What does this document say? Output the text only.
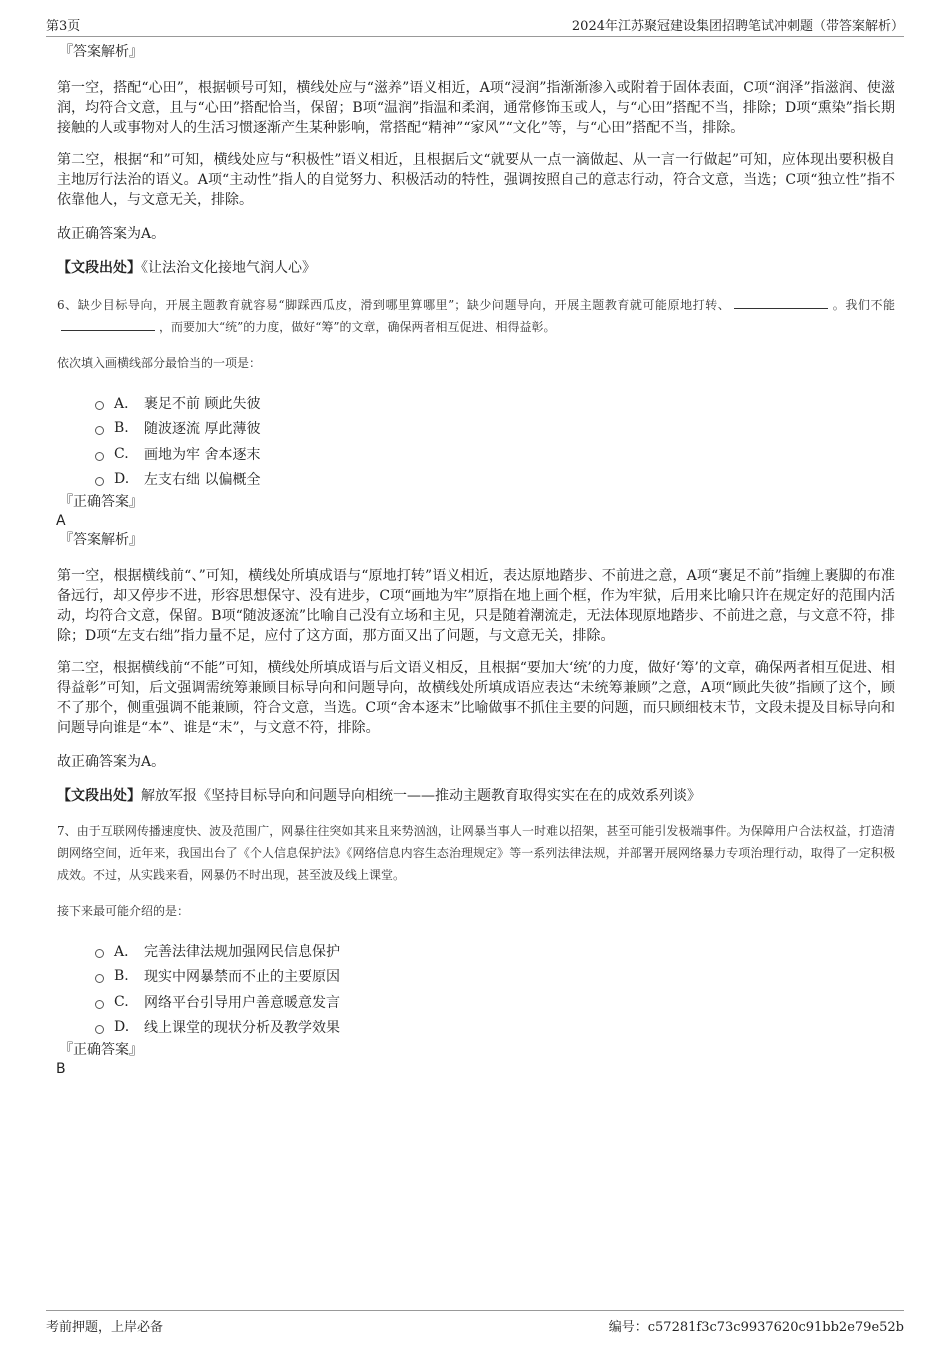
第3页	2024年江苏聚冠建设集团招聘笔试冲刺题（带答案解析）
『答案解析』

第一空，搭配“心田”，根据顿号可知，横线处应与“滋养”语义相近，A项“浸润”指渐渐渗入或附着于固体表面，C项“润泽”指滋润、使滋润，均符合文意，且与“心田”搭配恰当，保留；B项“温润”指温和柔润，通常修饰玉或人，与“心田”搭配不当，排除；D项“熏染”指长期接触的人或事物对人的生活习惯逐渐产生某种影响，常搭配“精神”“家风”“文化”等，与“心田”搭配不当，排除。

第二空，根据“和”可知，横线处应与“积极性”语义相近，且根据后文“就要从一点一滴做起、从一言一行做起”可知，应体现出要积极自主地厉行法治的语义。A项“主动性”指人的自觉努力、积极活动的特性，强调按照自己的意志行动，符合文意，当选；C项“独立性”指不依靠他人，与文意无关，排除。

故正确答案为A。

【文段出处】《让法治文化接地气润人心》

6、缺少目标导向，开展主题教育就容易“脚踩西瓜皮，滑到哪里算哪里”；缺少问题导向，开展主题教育就可能原地打转、	。我们不能，而要加大“统”的力度，做好“筹”的文章，确保两者相互促进、相得益彰。

依次填入画横线部分最恰当的一项是：

A． 裹足不前 顾此失彼
B.	随波逐流 厚此薄彼
C.	画地为牢 舍本逐末
D.	左支右绌 以偏概全
『正确答案』
A
『答案解析』

第一空，根据横线前“、”可知，横线处所填成语与“原地打转”语义相近，表达原地踏步、不前进之意，A项“裹足不前”指缠上裹脚的布准备远行，却又停步不进，形容思想保守、没有进步，C项“画地为牢”原指在地上画个框，作为牢狱，后用来比喻只许在规定好的范围内活动，均符合文意，保留。B项“随波逐流”比喻自己没有立场和主见，只是随着潮流走，无法体现原地踏步、不前进之意，与文意不符，排除；D项“左支右绌”指力量不足，应付了这方面，那方面又出了问题，与文意无关，排除。

第二空，根据横线前“不能”可知，横线处所填成语与后文语义相反，且根据“要加大‘统’的力度，做好‘筹’的文章，确保两者相互促进、相得益彰”可知，后文强调需统筹兼顾目标导向和问题导向，故横线处所填成语应表达“未统筹兼顾”之意，A项“顾此失彼”指顾了这个，顾不了那个，侧重强调不能兼顾，符合文意，当选。C项“舍本逐末”比喻做事不抓住主要的问题，而只顾细枝末节，文段未提及目标导向和问题导向谁是“本”、谁是“末”，与文意不符，排除。

故正确答案为A。

【文段出处】解放军报《坚持目标导向和问题导向相统一——推动主题教育取得实实在在的成效系列谈》

7、由于互联网传播速度快、波及范围广，网暴往往突如其来且来势汹汹，让网暴当事人一时难以招架，甚至可能引发极端事件。为保障用户合法权益，打造清朗网络空间，近年来，我国出台了《个人信息保护法》《网络信息内容生态治理规定》等一系列法律法规，并部署开展网络暴力专项治理行动，取得了一定积极成效。不过，从实践来看，网暴仍不时出现，甚至波及线上课堂。

接下来最可能介绍的是：

A． 完善法律法规加强网民信息保护
B.	现实中网暴禁而不止的主要原因
C.	网络平台引导用户善意暖意发言
D.	线上课堂的现状分析及教学效果
『正确答案』
B
考前押题，上岸必备	编号：c57281f3c73c9937620c91bb2e79e52b
